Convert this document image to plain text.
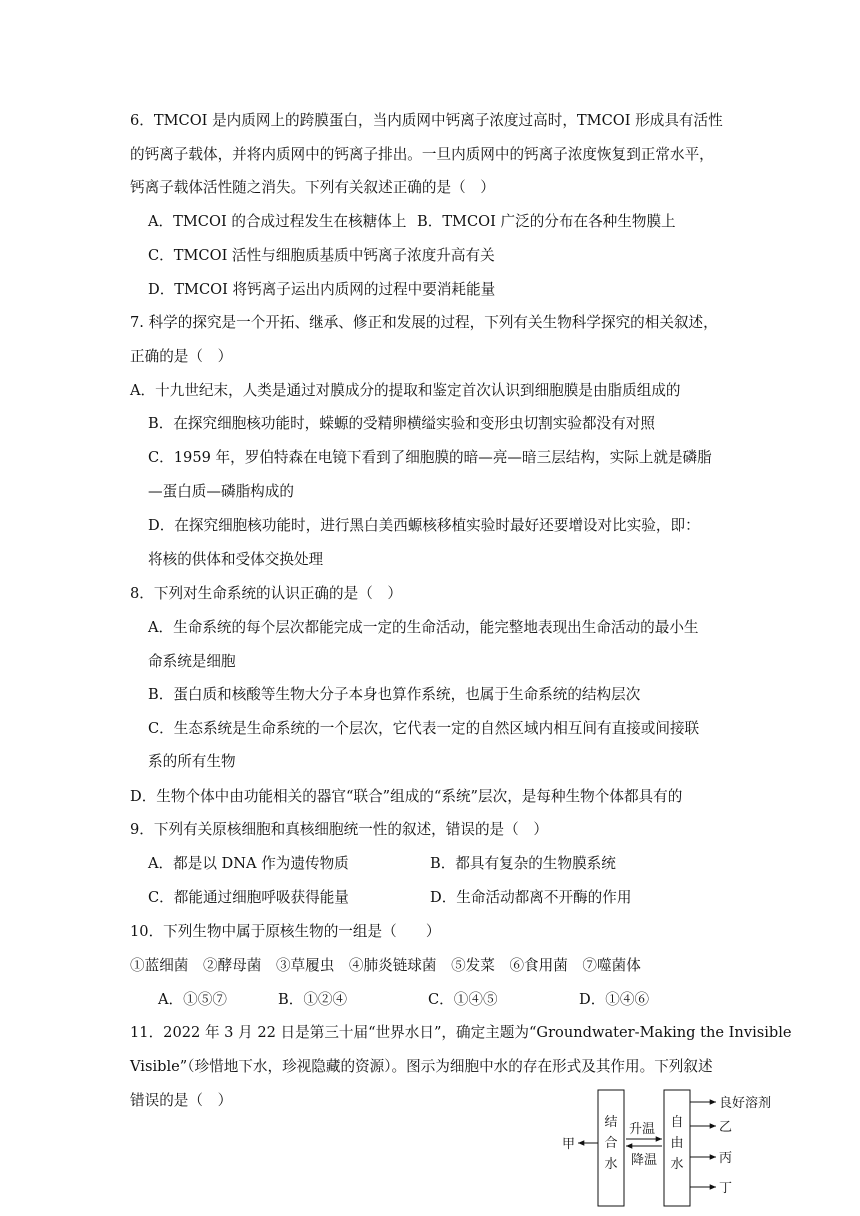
6．TMCOI 是内质网上的跨膜蛋白，当内质网中钙离子浓度过高时，TMCOI 形成具有活性
的钙离子载体，并将内质网中的钙离子排出。一旦内质网中的钙离子浓度恢复到正常水平，
钙离子载体活性随之消失。下列有关叙述正确的是（　）
A．TMCOI 的合成过程发生在核糖体上 B．TMCOI 广泛的分布在各种生物膜上
C．TMCOI 活性与细胞质基质中钙离子浓度升高有关
D．TMCOI 将钙离子运出内质网的过程中要消耗能量
7. 科学的探究是一个开拓、继承、修正和发展的过程，下列有关生物科学探究的相关叙述，
正确的是（　）
A．十九世纪末，人类是通过对膜成分的提取和鉴定首次认识到细胞膜是由脂质组成的
B．在探究细胞核功能时，蝾螈的受精卵横缢实验和变形虫切割实验都没有对照
C．1959 年，罗伯特森在电镜下看到了细胞膜的暗—亮—暗三层结构，实际上就是磷脂
—蛋白质—磷脂构成的
D．在探究细胞核功能时，进行黑白美西螈核移植实验时最好还要增设对比实验，即：
将核的供体和受体交换处理
8．下列对生命系统的认识正确的是（　）
A．生命系统的每个层次都能完成一定的生命活动，能完整地表现出生命活动的最小生
命系统是细胞
B．蛋白质和核酸等生物大分子本身也算作系统，也属于生命系统的结构层次
C．生态系统是生命系统的一个层次，它代表一定的自然区域内相互间有直接或间接联
系的所有生物
D．生物个体中由功能相关的器官“联合”组成的“系统”层次，是每种生物个体都具有的
9．下列有关原核细胞和真核细胞统一性的叙述，错误的是（　）
A．都是以 DNA 作为遗传物质	B．都具有复杂的生物膜系统
C．都能通过细胞呼吸获得能量	D．生命活动都离不开酶的作用
10．下列生物中属于原核生物的一组是（　　）
①蓝细菌　②酵母菌　③草履虫　④肺炎链球菌　⑤发菜　⑥食用菌　⑦噬菌体
A．①⑤⑦	B．①②④	C．①④⑤	D．①④⑥
11．2022 年 3 月 22 日是第三十届“世界水日”，确定主题为“Groundwater-Making the Invisible
Visible”（珍惜地下水，珍视隐藏的资源）。图示为细胞中水的存在形式及其作用。下列叙述
错误的是（　）
结
合
水
自
由
水
升温
降温
甲
良好溶剂
乙
丙
丁
